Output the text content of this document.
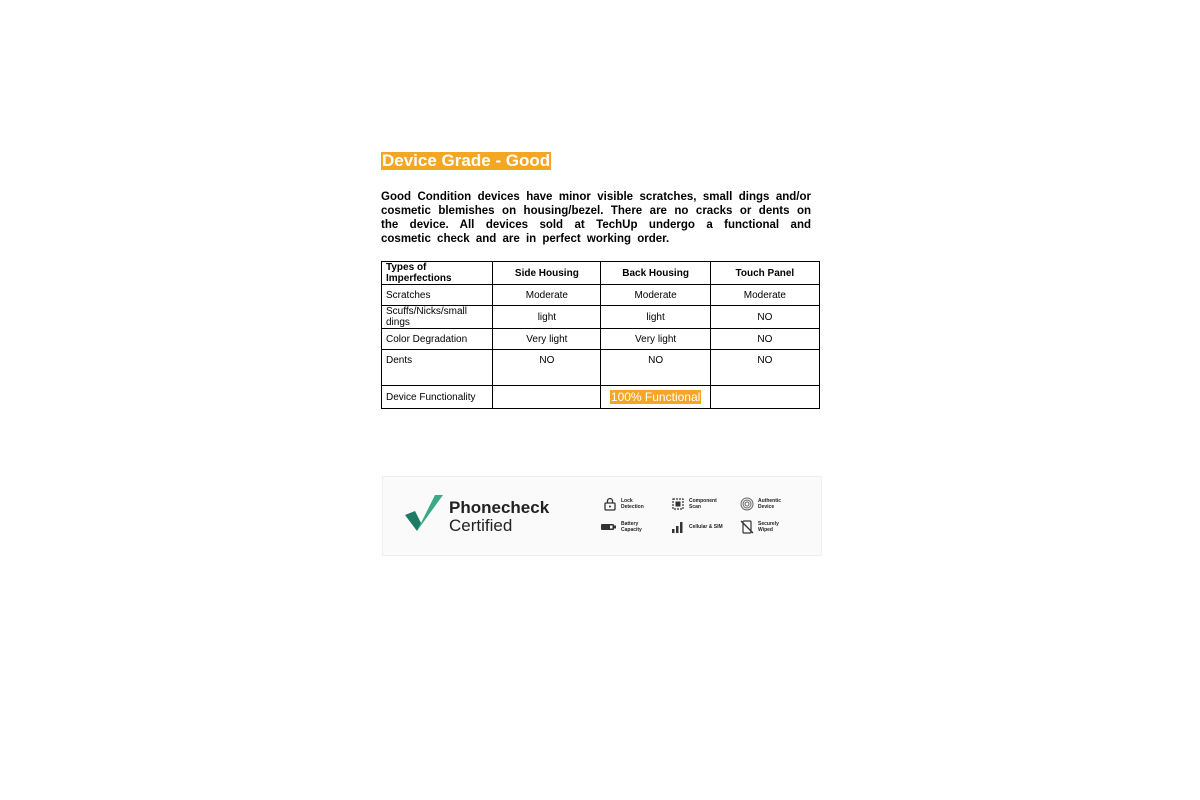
Device Grade - Good
Good Condition devices have minor visible scratches, small dings and/or cosmetic blemishes on housing/bezel. There are no cracks or dents on the device. All devices sold at TechUp undergo a functional and cosmetic check and are in perfect working order.
Types of Imperfections	Side Housing	Back Housing	Touch Panel
Scratches	Moderate	Moderate	Moderate
Scuffs/Nicks/small dings	light	light	NO
Color Degradation	Very light	Very light	NO
Dents	NO	NO	NO
Device Functionality		100% Functional	
Phonecheck
Certified
Lock Detection
Component Scan
Authentic Device
Battery Capacity	Cellular & SIM	Securely Wiped
